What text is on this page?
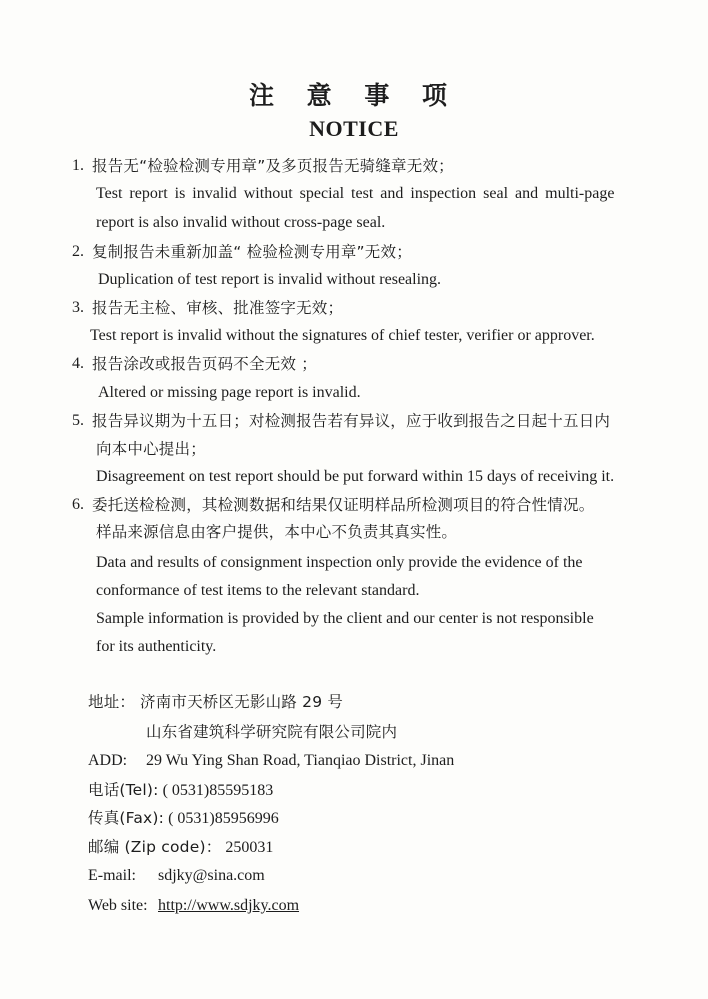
注 意 事 项
NOTICE
1. 报告无“检验检测专用章”及多页报告无骑缝章无效；
Test report is invalid without special test and inspection seal and multi-page
report is also invalid without cross-page seal.
2. 复制报告未重新加盖“ 检验检测专用章”无效；
Duplication of test report is invalid without resealing.
3. 报告无主检、审核、批准签字无效；
Test report is invalid without the signatures of chief tester, verifier or approver.
4. 报告涂改或报告页码不全无效 ；
Altered or missing page report is invalid.
5. 报告异议期为十五日；对检测报告若有异议，应于收到报告之日起十五日内
向本中心提出；
Disagreement on test report should be put forward within 15 days of receiving it.
6. 委托送检检测，其检测数据和结果仅证明样品所检测项目的符合性情况。
样品来源信息由客户提供，本中心不负责其真实性。
Data and results of consignment inspection only provide the evidence of the
conformance of test items to the relevant standard.
Sample information is provided by the client and our center is not responsible
for its authenticity.
地址： 济南市天桥区无影山路 29 号
山东省建筑科学研究院有限公司院内
ADD: 29 Wu Ying Shan Road, Tianqiao District, Jinan
电话(Tel): ( 0531)85595183
传真(Fax): ( 0531)85956996
邮编 (Zip code)： 250031
E-mail: sdjky@sina.com
Web site: http://www.sdjky.com
